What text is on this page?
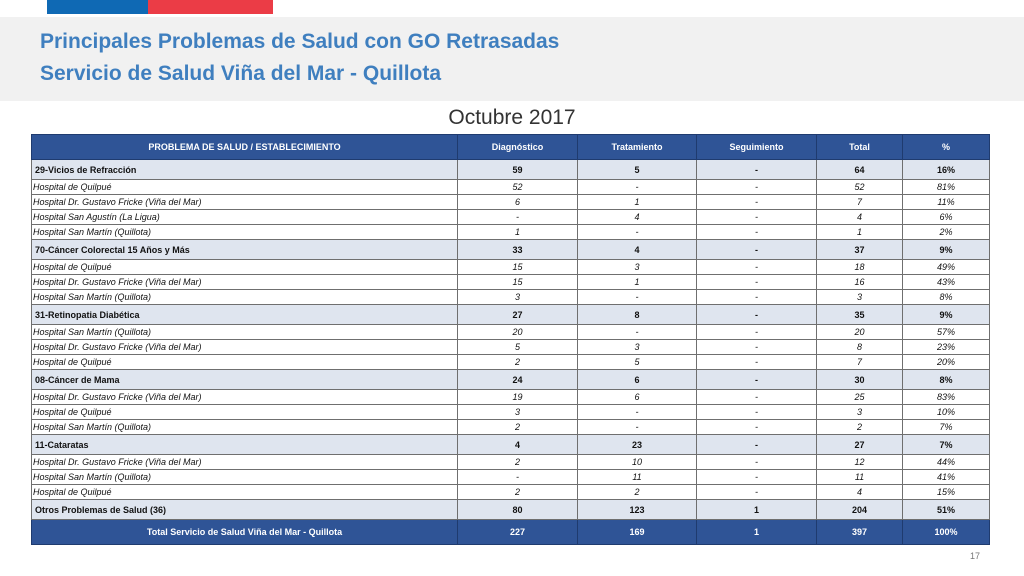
Principales Problemas de Salud con GO Retrasadas
Servicio de Salud Viña del Mar - Quillota
Octubre 2017
PROBLEMA DE SALUD / ESTABLECIMIENTO	Diagnóstico	Tratamiento	Seguimiento	Total	%
29-Vicios de Refracción	59	5	-	64	16%
Hospital de Quilpué	52	-	-	52	81%
Hospital Dr. Gustavo Fricke (Viña del Mar)	6	1	-	7	11%
Hospital San Agustín (La Ligua)	-	4	-	4	6%
Hospital San Martín (Quillota)	1	-	-	1	2%
70-Cáncer Colorectal 15 Años y Más	33	4	-	37	9%
Hospital de Quilpué	15	3	-	18	49%
Hospital Dr. Gustavo Fricke (Viña del Mar)	15	1	-	16	43%
Hospital San Martín (Quillota)	3	-	-	3	8%
31-Retinopatia Diabética	27	8	-	35	9%
Hospital San Martín (Quillota)	20	-	-	20	57%
Hospital Dr. Gustavo Fricke (Viña del Mar)	5	3	-	8	23%
Hospital de Quilpué	2	5	-	7	20%
08-Cáncer de Mama	24	6	-	30	8%
Hospital Dr. Gustavo Fricke (Viña del Mar)	19	6	-	25	83%
Hospital de Quilpué	3	-	-	3	10%
Hospital San Martín (Quillota)	2	-	-	2	7%
11-Cataratas	4	23	-	27	7%
Hospital Dr. Gustavo Fricke (Viña del Mar)	2	10	-	12	44%
Hospital San Martín (Quillota)	-	11	-	11	41%
Hospital de Quilpué	2	2	-	4	15%
Otros Problemas de Salud (36)	80	123	1	204	51%
Total Servicio de Salud Viña del Mar - Quillota	227	169	1	397	100%
17
